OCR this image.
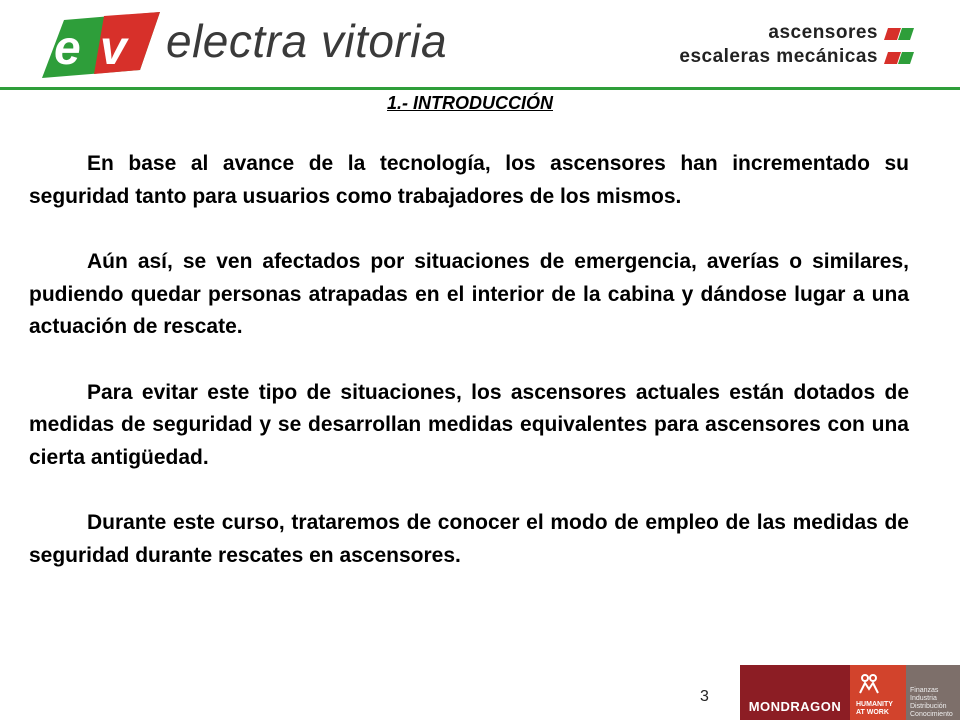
e v electra vitoria	ascensores
escaleras mecánicas
1.- INTRODUCCIÓN

En base al avance de la tecnología, los ascensores han incrementado su seguridad tanto para usuarios como trabajadores de los mismos.

Aún así, se ven afectados por situaciones de emergencia, averías o similares, pudiendo quedar personas atrapadas en el interior de la cabina y dándose lugar a una actuación de rescate.

Para evitar este tipo de situaciones, los ascensores actuales están dotados de medidas de seguridad y se desarrollan medidas equivalentes para ascensores con una cierta antigüedad.

Durante este curso, trataremos de conocer el modo de empleo de las medidas de seguridad durante rescates en ascensores.

3
MONDRAGON	HUMANITY
AT WORK
Finanzas
Industria
Distribución
Conocimiento
